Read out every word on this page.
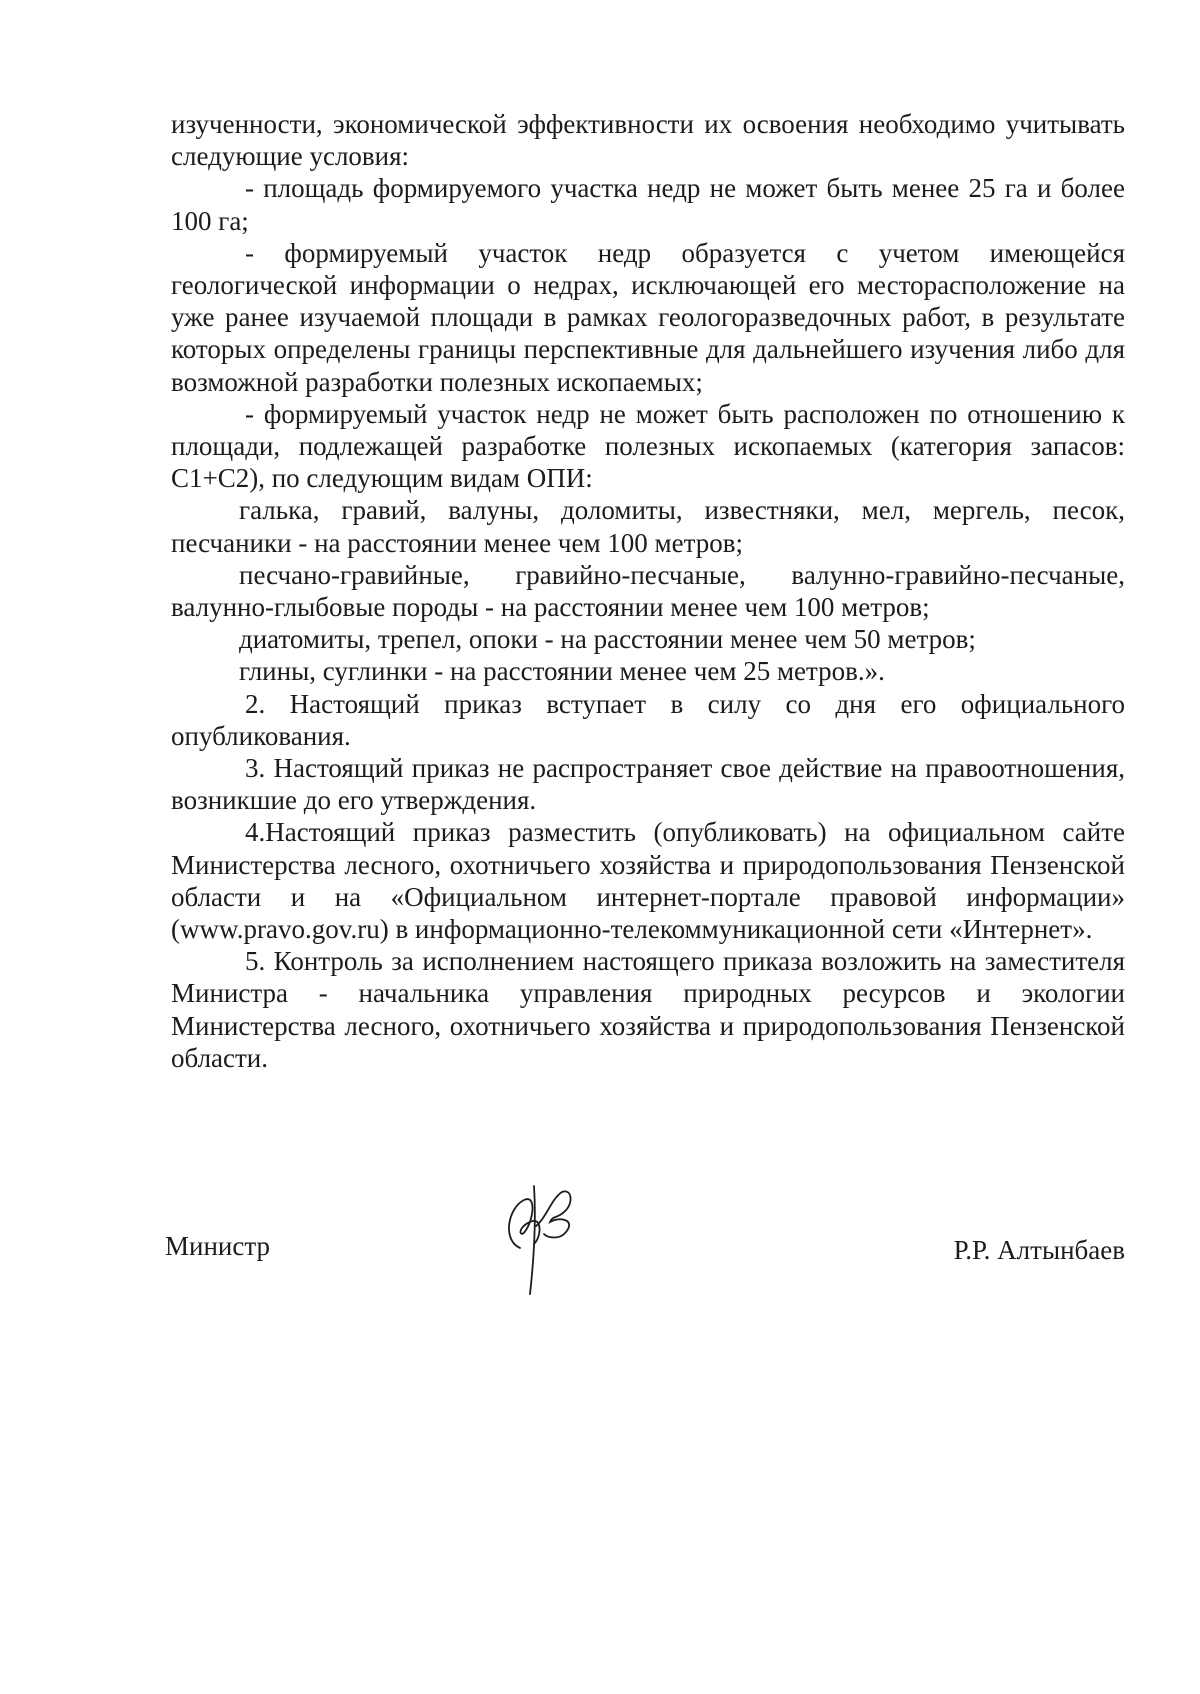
изученности, экономической эффективности их освоения необходимо учитывать следующие условия:

- площадь формируемого участка недр не может быть менее 25 га и более 100 га;

- формируемый участок недр образуется с учетом имеющейся геологической информации о недрах, исключающей его месторасположение на уже ранее изучаемой площади в рамках геологоразведочных работ, в результате которых определены границы перспективные для дальнейшего изучения либо для возможной разработки полезных ископаемых;

- формируемый участок недр не может быть расположен по отношению к площади, подлежащей разработке полезных ископаемых (категория запасов: С1+С2), по следующим видам ОПИ:

галька, гравий, валуны, доломиты, известняки, мел, мергель, песок, песчаники - на расстоянии менее чем 100 метров;

песчано-гравийные, гравийно-песчаные, валунно-гравийно-песчаные, валунно-глыбовые породы - на расстоянии менее чем 100 метров;

диатомиты, трепел, опоки - на расстоянии менее чем 50 метров;

глины, суглинки - на расстоянии менее чем 25 метров.».

2. Настоящий приказ вступает в силу со дня его официального опубликования.

3. Настоящий приказ не распространяет свое действие на правоотношения, возникшие до его утверждения.

4.Настоящий приказ разместить (опубликовать) на официальном сайте Министерства лесного, охотничьего хозяйства и природопользования Пензенской области и на «Официальном интернет-портале правовой информации» (www.pravo.gov.ru) в информационно-телекоммуникационной сети «Интернет».

5. Контроль за исполнением настоящего приказа возложить на заместителя Министра - начальника управления природных ресурсов и экологии Министерства лесного, охотничьего хозяйства и природопользования Пензенской области.

Министр	Р.Р. Алтынбаев
